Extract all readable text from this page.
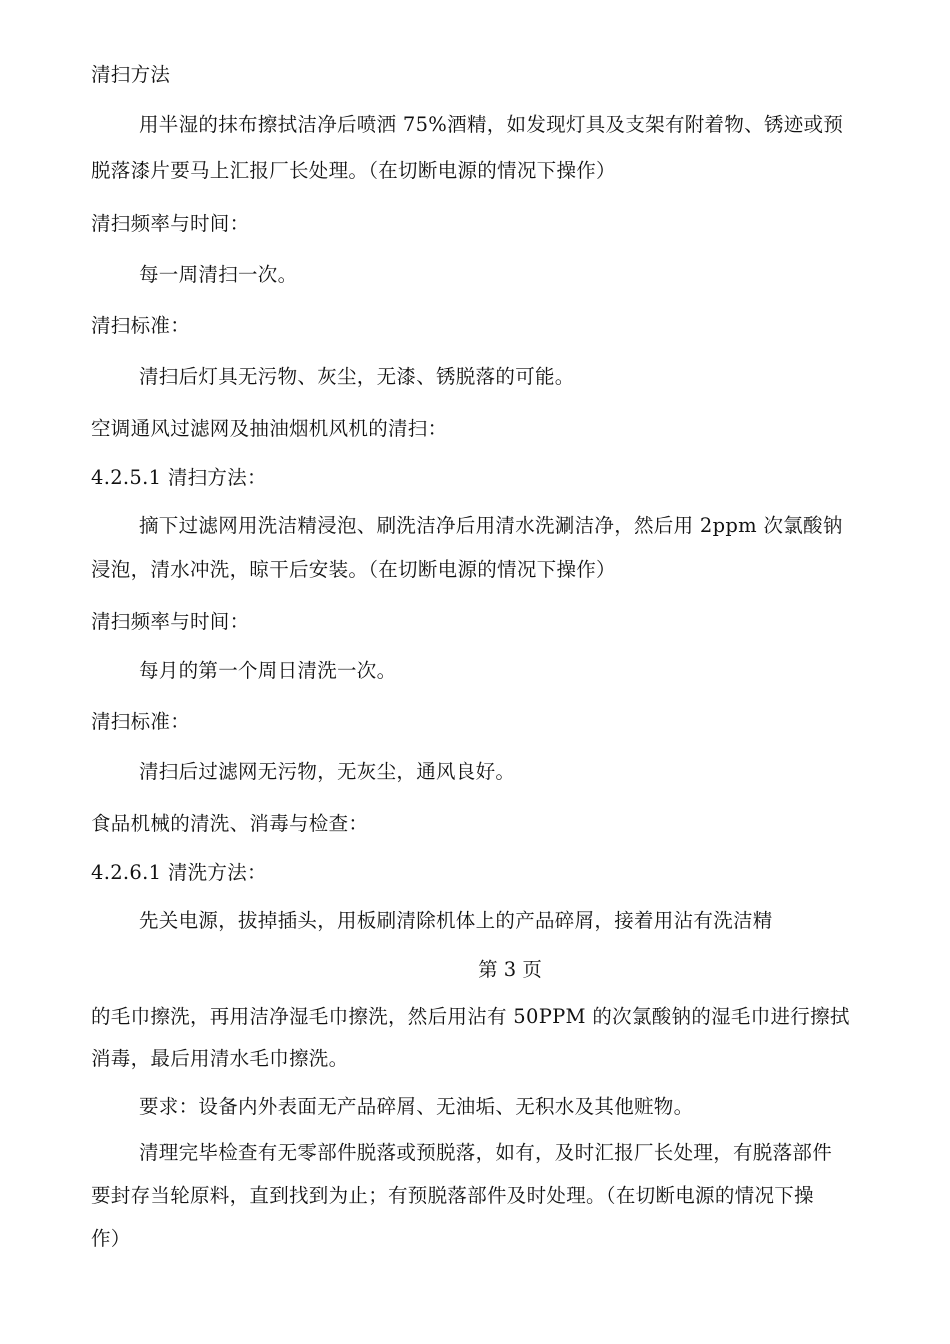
清扫方法
用半湿的抹布擦拭洁净后喷洒 75%酒精，如发现灯具及支架有附着物、锈迹或预
脱落漆片要马上汇报厂长处理。（在切断电源的情况下操作）
清扫频率与时间：
每一周清扫一次。
清扫标准：
清扫后灯具无污物、灰尘，无漆、锈脱落的可能。
空调通风过滤网及抽油烟机风机的清扫：
4.2.5.1 清扫方法：
摘下过滤网用洗洁精浸泡、刷洗洁净后用清水洗涮洁净，然后用 2ppm 次氯酸钠
浸泡，清水冲洗，晾干后安装。（在切断电源的情况下操作）
清扫频率与时间：
每月的第一个周日清洗一次。
清扫标准：
清扫后过滤网无污物，无灰尘，通风良好。
食品机械的清洗、消毒与检查：
4.2.6.1 清洗方法：
先关电源，拔掉插头，用板刷清除机体上的产品碎屑，接着用沾有洗洁精
第 3 页
的毛巾擦洗，再用洁净湿毛巾擦洗，然后用沾有 50PPM 的次氯酸钠的湿毛巾进行擦拭
消毒，最后用清水毛巾擦洗。
要求：设备内外表面无产品碎屑、无油垢、无积水及其他赃物。
清理完毕检查有无零部件脱落或预脱落，如有，及时汇报厂长处理，有脱落部件
要封存当轮原料，直到找到为止；有预脱落部件及时处理。（在切断电源的情况下操
作）
